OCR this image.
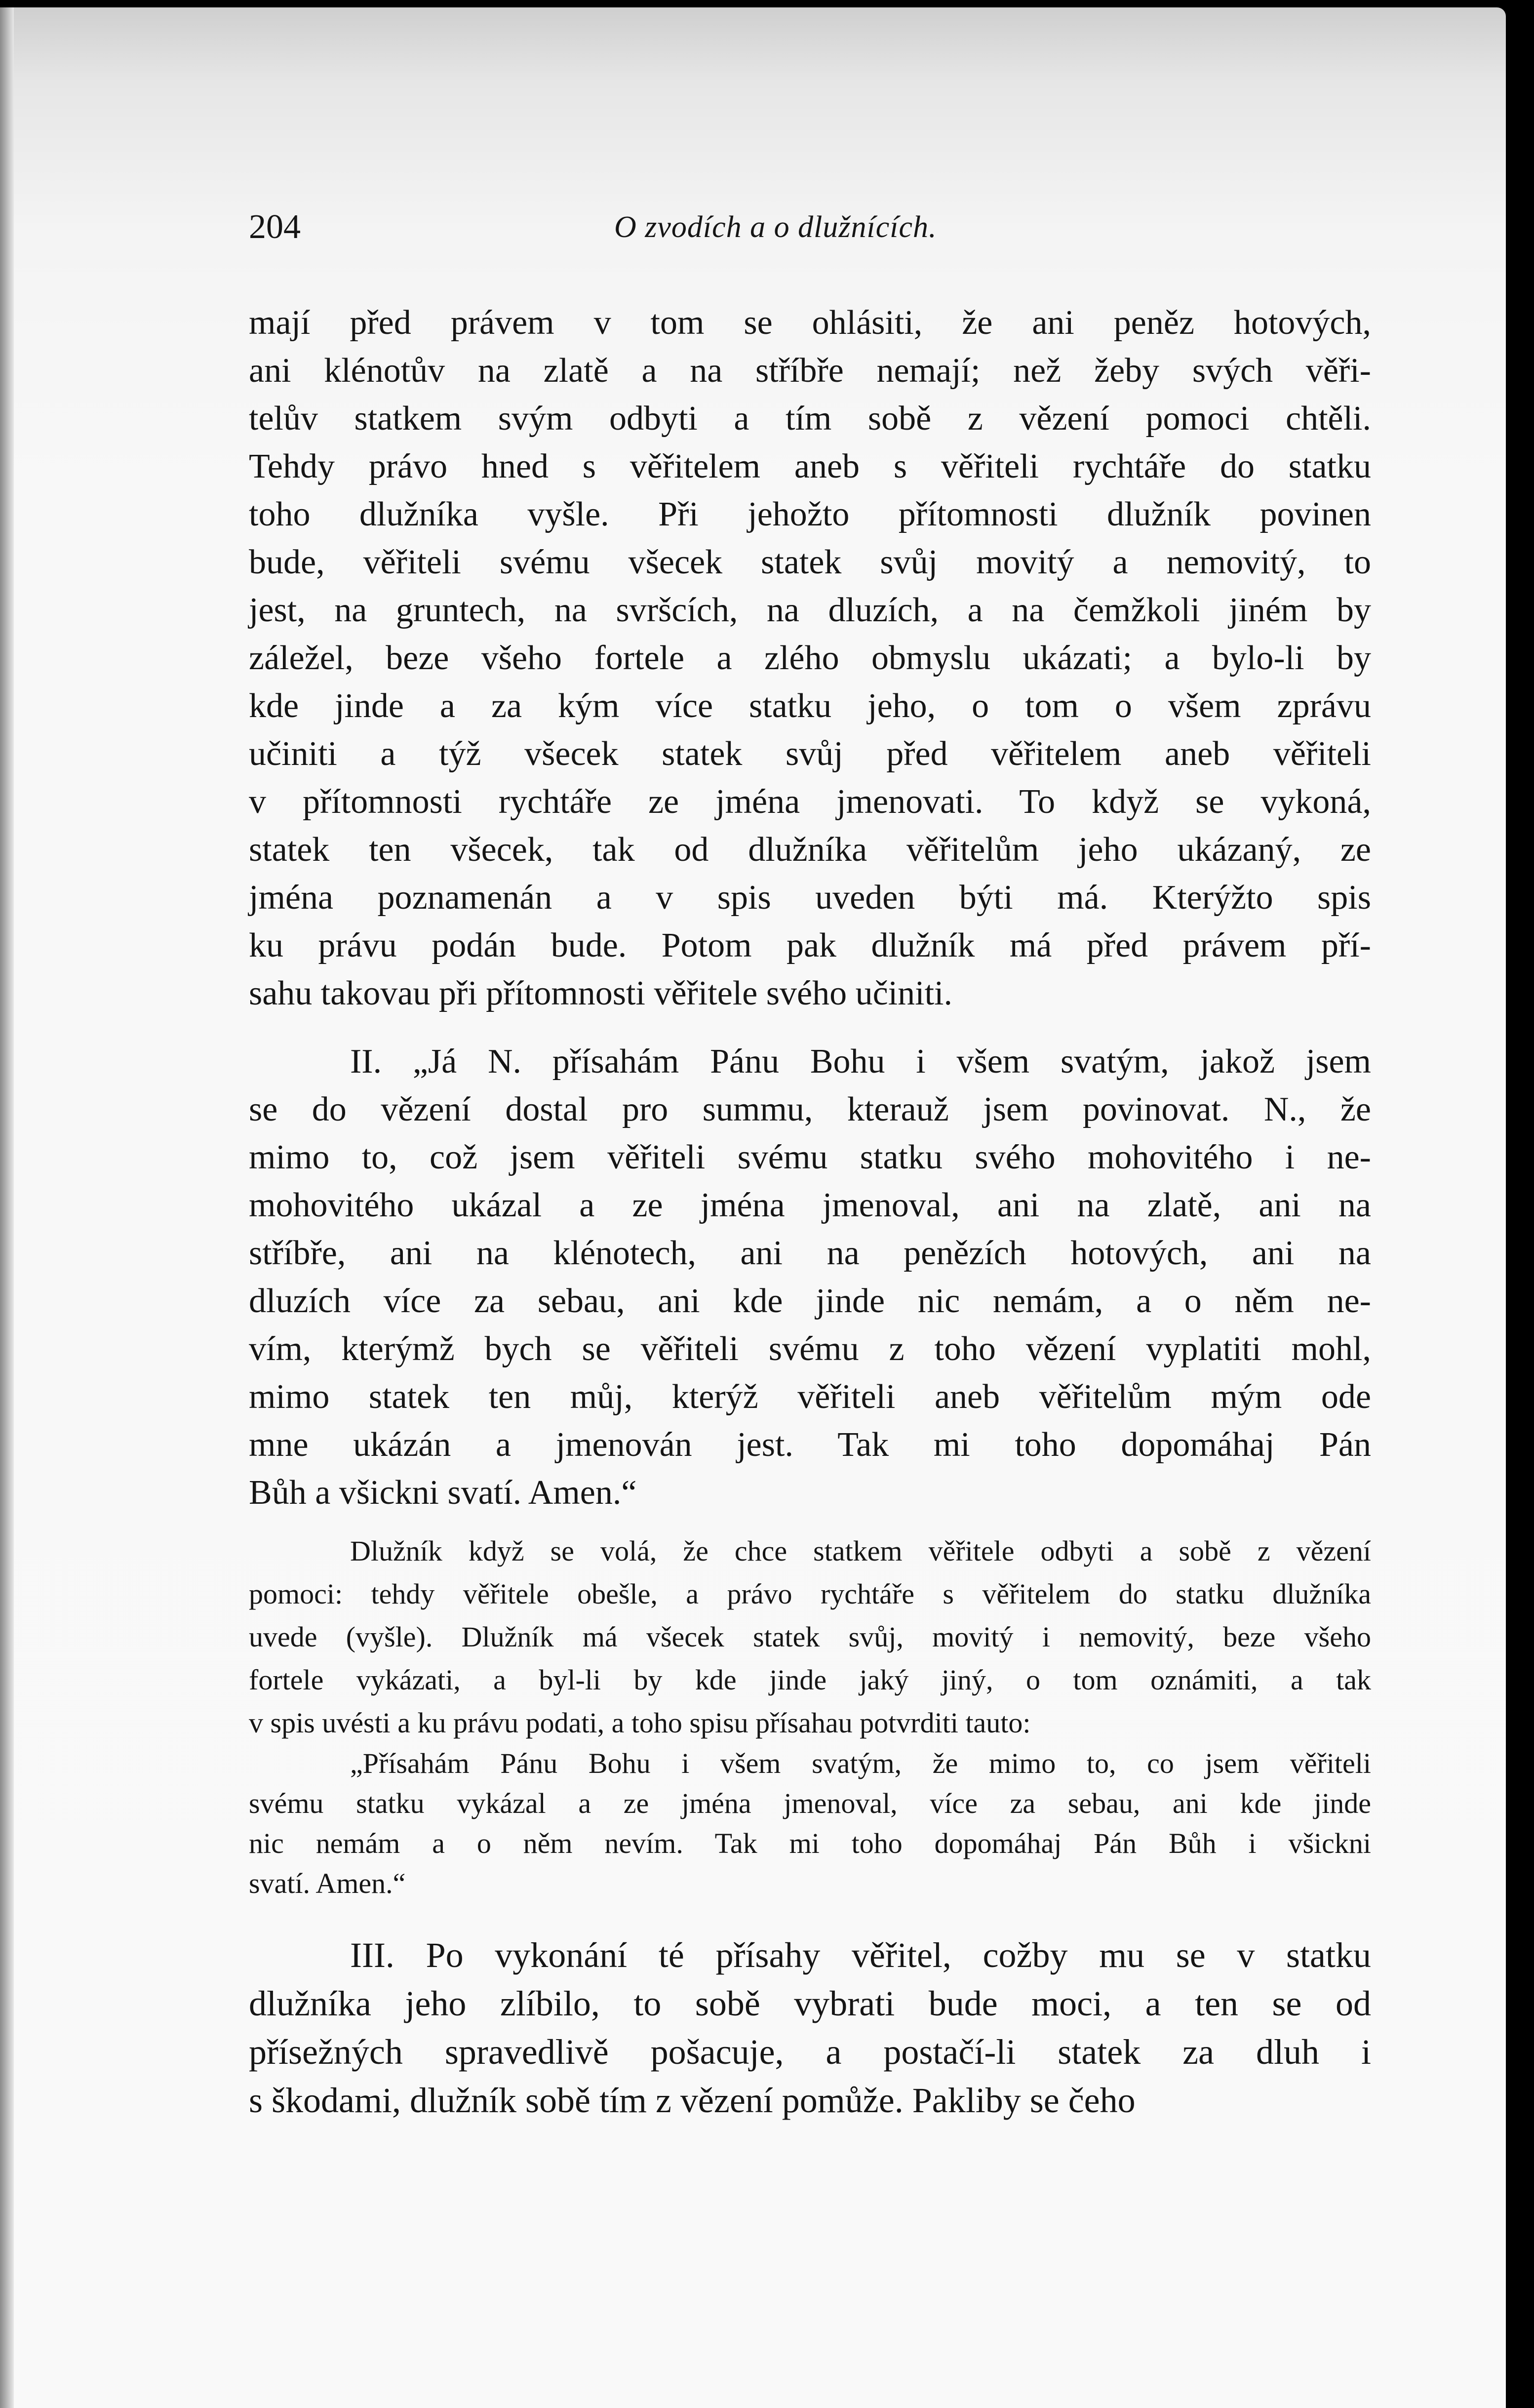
204	O zvodích a o dlužnících.
mají před právem v tom se ohlásiti, že ani peněz hotových,
ani klénotův na zlatě a na stříbře nemají; než žeby svých věři-
telův statkem svým odbyti a tím sobě z vězení pomoci chtěli.
Tehdy právo hned s věřitelem aneb s věřiteli rychtáře do statku
toho dlužníka vyšle. Při jehožto přítomnosti dlužník povinen
bude, věřiteli svému všecek statek svůj movitý a nemovitý, to
jest, na gruntech, na svršcích, na dluzích, a na čemžkoli jiném by
záležel, beze všeho fortele a zlého obmyslu ukázati; a bylo-li by
kde jinde a za kým více statku jeho, o tom o všem zprávu
učiniti a týž všecek statek svůj před věřitelem aneb věřiteli
v přítomnosti rychtáře ze jména jmenovati. To když se vykoná,
statek ten všecek, tak od dlužníka věřitelům jeho ukázaný, ze
jména poznamenán a v spis uveden býti má. Kterýžto spis
ku právu podán bude. Potom pak dlužník má před právem pří-
sahu takovau při přítomnosti věřitele svého učiniti.
II. „Já N. přísahám Pánu Bohu i všem svatým, jakož jsem
se do vězení dostal pro summu, kterauž jsem povinovat. N., že
mimo to, což jsem věřiteli svému statku svého mohovitého i ne-
mohovitého ukázal a ze jména jmenoval, ani na zlatě, ani na
stříbře, ani na klénotech, ani na penězích hotových, ani na
dluzích více za sebau, ani kde jinde nic nemám, a o něm ne-
vím, kterýmž bych se věřiteli svému z toho vězení vyplatiti mohl,
mimo statek ten můj, kterýž věřiteli aneb věřitelům mým ode
mne ukázán a jmenován jest. Tak mi toho dopomáhaj Pán
Bůh a všickni svatí. Amen.“
Dlužník když se volá, že chce statkem věřitele odbyti a sobě z vězení
pomoci: tehdy věřitele obešle, a právo rychtáře s věřitelem do statku dlužníka
uvede (vyšle). Dlužník má všecek statek svůj, movitý i nemovitý, beze všeho
fortele vykázati, a byl-li by kde jinde jaký jiný, o tom oznámiti, a tak
v spis uvésti a ku právu podati, a toho spisu přísahau potvrditi tauto:
„Přísahám Pánu Bohu i všem svatým, že mimo to, co jsem věřiteli
svému statku vykázal a ze jména jmenoval, více za sebau, ani kde jinde
nic nemám a o něm nevím. Tak mi toho dopomáhaj Pán Bůh i všickni
svatí. Amen.“
III. Po vykonání té přísahy věřitel, cožby mu se v statku
dlužníka jeho zlíbilo, to sobě vybrati bude moci, a ten se od
přísežných spravedlivě pošacuje, a postačí-li statek za dluh i
s škodami, dlužník sobě tím z vězení pomůže. Pakliby se čeho
